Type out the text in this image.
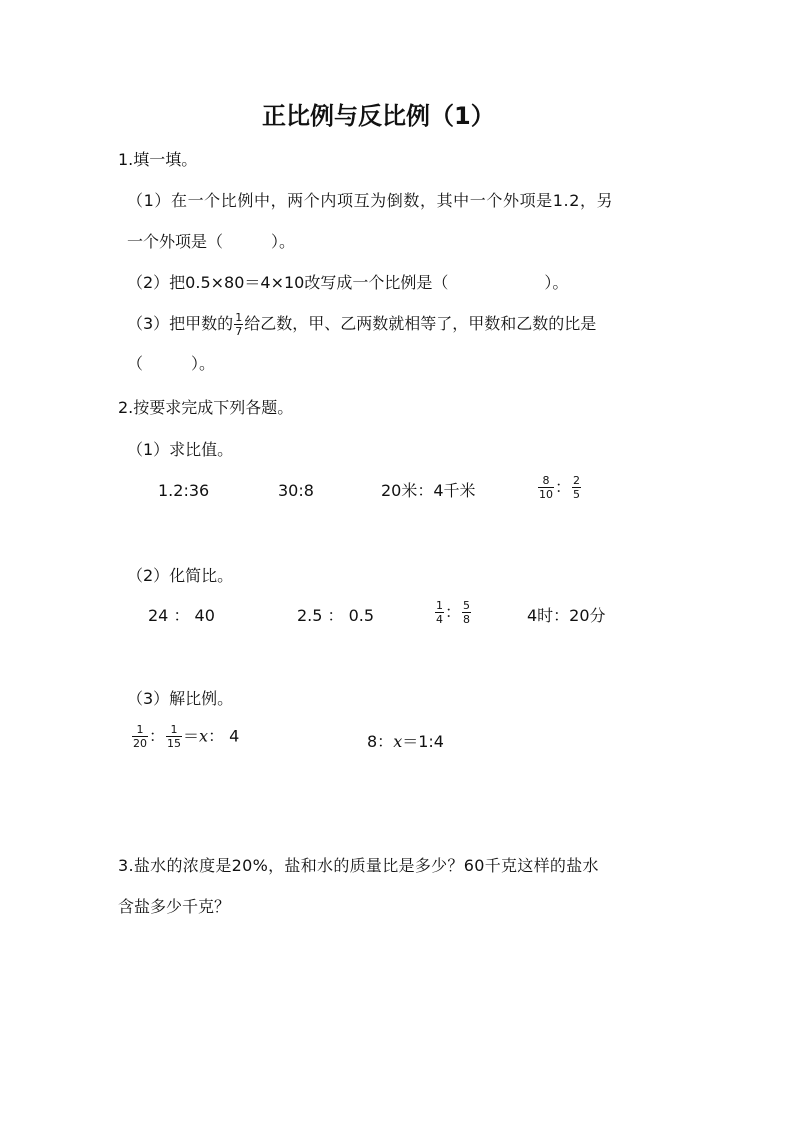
正比例与反比例（1）
1.填一填。
（1）在一个比例中，两个内项互为倒数，其中一个外项是1.2，另
一个外项是（　　　）。
（2）把0.5×80＝4×10改写成一个比例是（　　　　　　）。
（3）把甲数的 $\frac{1}{7}$ 给乙数，甲、乙两数就相等了，甲数和乙数的比是
（　　　）。
2.按要求完成下列各题。
（1）求比值。
1.2:36	30:8	20米：4千米	$\frac{8}{10}$ ： $\frac{2}{5}$
（2）化简比。
24 ： 40	2.5 ： 0.5	$\frac{1}{4}$ ： $\frac{5}{8}$	4时：20分
（3）解比例。
$\frac{1}{20}$ ： $\frac{1}{15} =x$： 4	8：x＝1:4
3.盐水的浓度是20%，盐和水的质量比是多少？60千克这样的盐水
含盐多少千克？
